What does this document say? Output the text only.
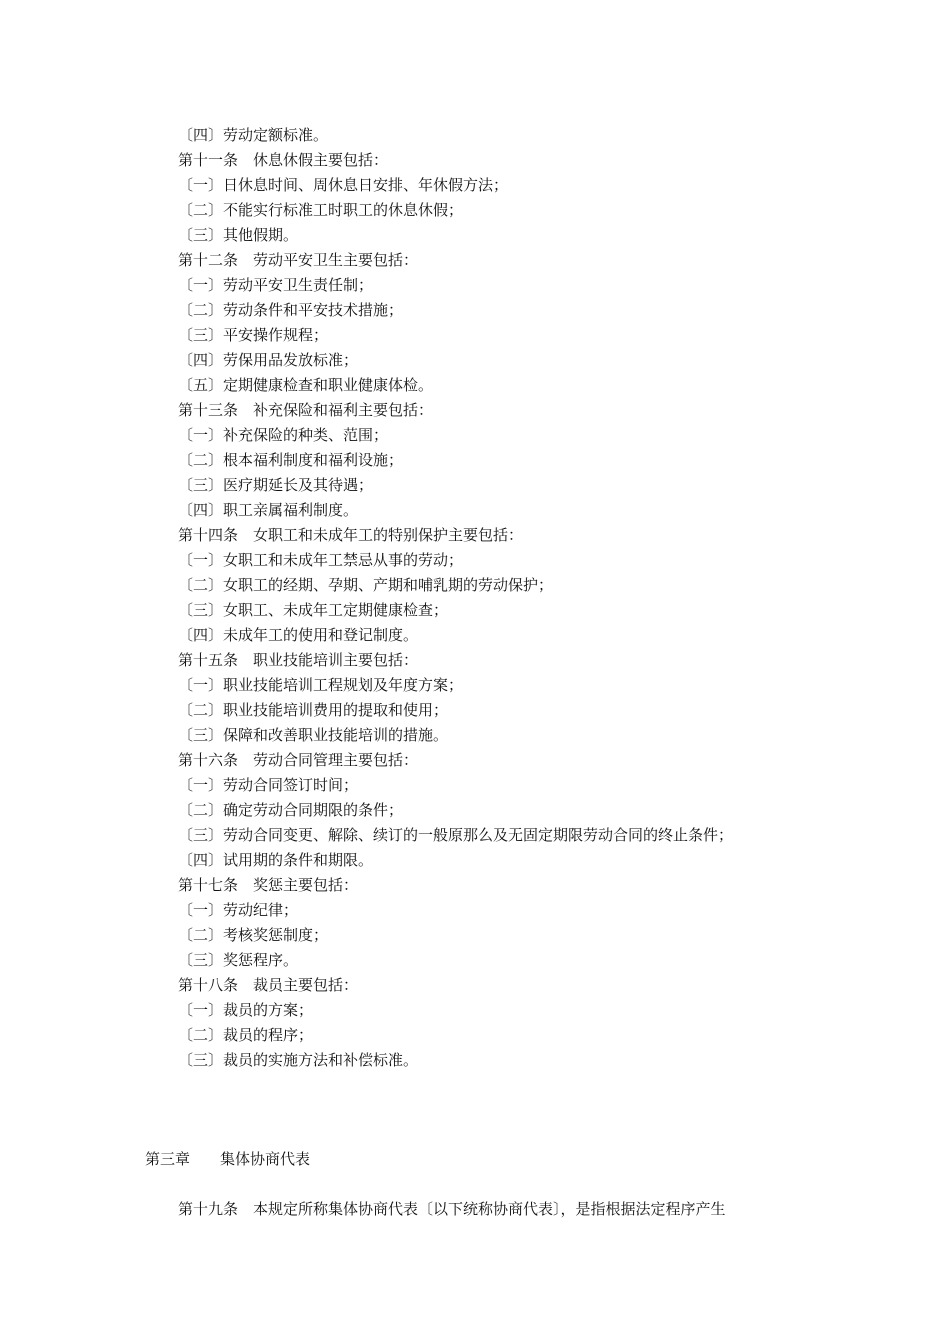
〔四〕劳动定额标准。
第十一条　休息休假主要包括：
〔一〕日休息时间、周休息日安排、年休假方法；
〔二〕不能实行标准工时职工的休息休假；
〔三〕其他假期。
第十二条　劳动平安卫生主要包括：
〔一〕劳动平安卫生责任制；
〔二〕劳动条件和平安技术措施；
〔三〕平安操作规程；
〔四〕劳保用品发放标准；
〔五〕定期健康检查和职业健康体检。
第十三条　补充保险和福利主要包括：
〔一〕补充保险的种类、范围；
〔二〕根本福利制度和福利设施；
〔三〕医疗期延长及其待遇；
〔四〕职工亲属福利制度。
第十四条　女职工和未成年工的特别保护主要包括：
〔一〕女职工和未成年工禁忌从事的劳动；
〔二〕女职工的经期、孕期、产期和哺乳期的劳动保护；
〔三〕女职工、未成年工定期健康检查；
〔四〕未成年工的使用和登记制度。
第十五条　职业技能培训主要包括：
〔一〕职业技能培训工程规划及年度方案；
〔二〕职业技能培训费用的提取和使用；
〔三〕保障和改善职业技能培训的措施。
第十六条　劳动合同管理主要包括：
〔一〕劳动合同签订时间；
〔二〕确定劳动合同期限的条件；
〔三〕劳动合同变更、解除、续订的一般原那么及无固定期限劳动合同的终止条件；
〔四〕试用期的条件和期限。
第十七条　奖惩主要包括：
〔一〕劳动纪律；
〔二〕考核奖惩制度；
〔三〕奖惩程序。
第十八条　裁员主要包括：
〔一〕裁员的方案；
〔二〕裁员的程序；
〔三〕裁员的实施方法和补偿标准。
第三章　　集体协商代表
第十九条　本规定所称集体协商代表〔以下统称协商代表〕，是指根据法定程序产生
